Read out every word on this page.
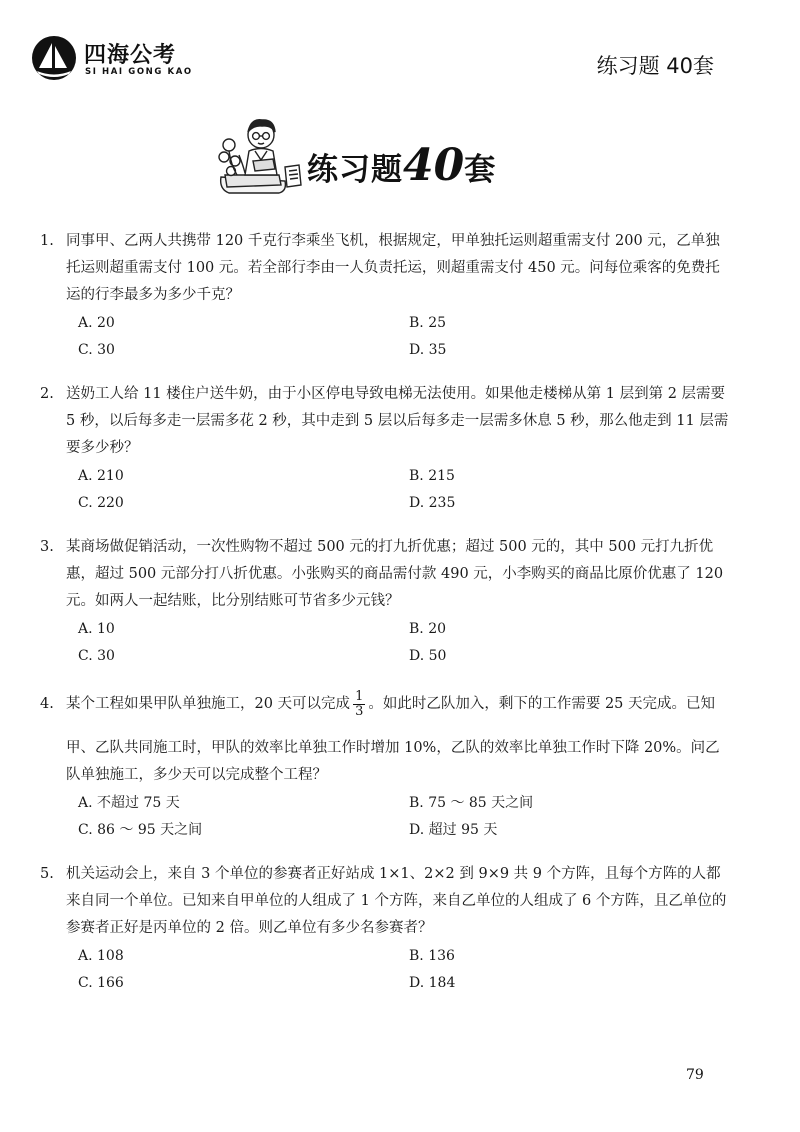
四海公考
SI HAI GONG KAO	练习题 40套
练习题40套
1. 同事甲、乙两人共携带 120 千克行李乘坐飞机，根据规定，甲单独托运则超重需支付 200 元，乙单独托运则超重需支付 100 元。若全部行李由一人负责托运，则超重需支付 450 元。问每位乘客的免费托运的行李最多为多少千克？
A. 20	B. 25
C. 30	D. 35
2. 送奶工人给 11 楼住户送牛奶，由于小区停电导致电梯无法使用。如果他走楼梯从第 1 层到第 2 层需要 5 秒，以后每多走一层需多花 2 秒，其中走到 5 层以后每多走一层需多休息 5 秒，那么他走到 11 层需要多少秒？
A. 210	B. 215
C. 220	D. 235
3. 某商场做促销活动，一次性购物不超过 500 元的打九折优惠；超过 500 元的，其中 500 元打九折优惠，超过 500 元部分打八折优惠。小张购买的商品需付款 490 元，小李购买的商品比原价优惠了 120 元。如两人一起结账，比分别结账可节省多少元钱？
A. 10	B. 20
C. 30	D. 50
4. 某个工程如果甲队单独施工，20 天可以完成 $\frac{1}{3}$ 。如此时乙队加入，剩下的工作需要 25 天完成。已知
甲、乙队共同施工时，甲队的效率比单独工作时增加 10%，乙队的效率比单独工作时下降 20%。问乙队单独施工，多少天可以完成整个工程？
A. 不超过 75 天	B. 75 ～ 85 天之间
C. 86 ～ 95 天之间	D. 超过 95 天
5. 机关运动会上，来自 3 个单位的参赛者正好站成 1×1、2×2 到 9×9 共 9 个方阵，且每个方阵的人都来自同一个单位。已知来自甲单位的人组成了 1 个方阵，来自乙单位的人组成了 6 个方阵，且乙单位的参赛者正好是丙单位的 2 倍。则乙单位有多少名参赛者？
A. 108	B. 136
C. 166	D. 184
79
